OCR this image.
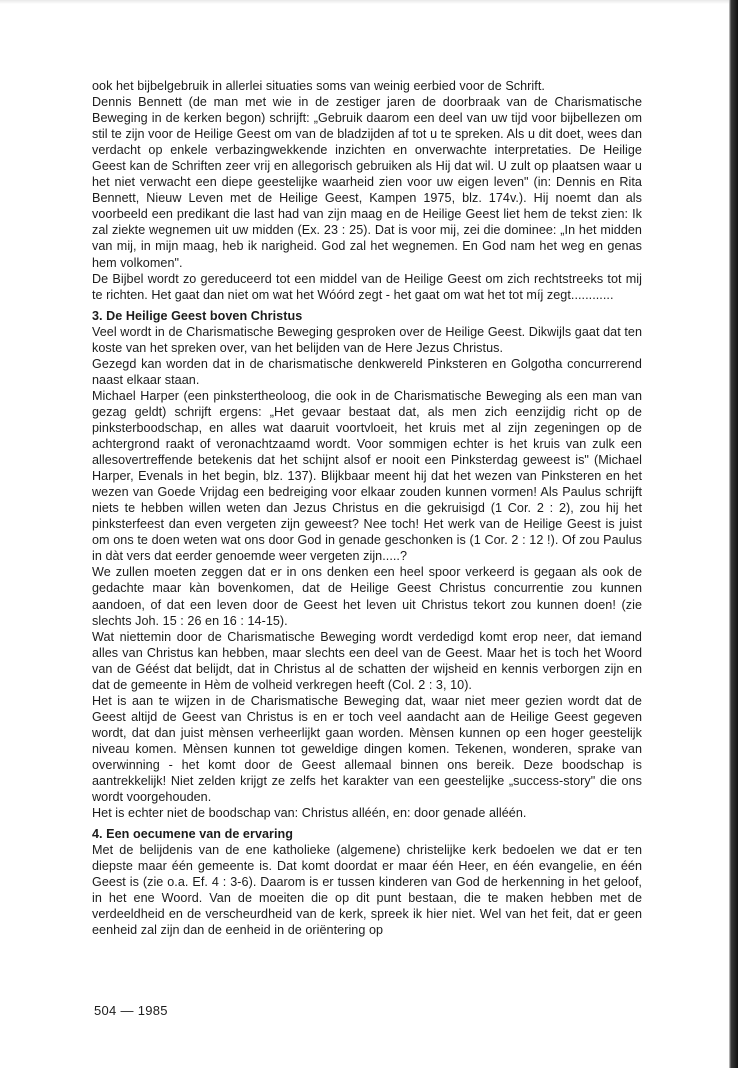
ook het bijbelgebruik in allerlei situaties soms van weinig eerbied voor de Schrift.

Dennis Bennett (de man met wie in de zestiger jaren de doorbraak van de Charismatische Beweging in de kerken begon) schrijft: „Gebruik daarom een deel van uw tijd voor bijbellezen om stil te zijn voor de Heilige Geest om van de bladzijden af tot u te spreken. Als u dit doet, wees dan verdacht op enkele verbazingwekkende inzichten en onverwachte interpretaties. De Heilige Geest kan de Schriften zeer vrij en allegorisch gebruiken als Hij dat wil. U zult op plaatsen waar u het niet verwacht een diepe geestelijke waarheid zien voor uw eigen leven" (in: Dennis en Rita Bennett, Nieuw Leven met de Heilige Geest, Kampen 1975, blz. 174v.). Hij noemt dan als voorbeeld een predikant die last had van zijn maag en de Heilige Geest liet hem de tekst zien: Ik zal ziekte wegnemen uit uw midden (Ex. 23 : 25). Dat is voor mij, zei die dominee: „In het midden van mij, in mijn maag, heb ik narigheid. God zal het wegnemen. En God nam het weg en genas hem volkomen".

De Bijbel wordt zo gereduceerd tot een middel van de Heilige Geest om zich rechtstreeks tot mij te richten. Het gaat dan niet om wat het Wóórd zegt - het gaat om wat het tot míj zegt............

3. De Heilige Geest boven Christus

Veel wordt in de Charismatische Beweging gesproken over de Heilige Geest. Dikwijls gaat dat ten koste van het spreken over, van het belijden van de Here Jezus Christus.

Gezegd kan worden dat in de charismatische denkwereld Pinksteren en Golgotha concurrerend naast elkaar staan.

Michael Harper (een pinkstertheoloog, die ook in de Charismatische Beweging als een man van gezag geldt) schrijft ergens: „Het gevaar bestaat dat, als men zich eenzijdig richt op de pinksterboodschap, en alles wat daaruit voortvloeit, het kruis met al zijn zegeningen op de achtergrond raakt of veronachtzaamd wordt. Voor sommigen echter is het kruis van zulk een allesovertreffende betekenis dat het schijnt alsof er nooit een Pinksterdag geweest is" (Michael Harper, Evenals in het begin, blz. 137). Blijkbaar meent hij dat het wezen van Pinksteren en het wezen van Goede Vrijdag een bedreiging voor elkaar zouden kunnen vormen! Als Paulus schrijft niets te hebben willen weten dan Jezus Christus en die gekruisigd (1 Cor. 2 : 2), zou hij het pinksterfeest dan even vergeten zijn geweest? Nee toch! Het werk van de Heilige Geest is juist om ons te doen weten wat ons door God in genade geschonken is (1 Cor. 2 : 12 !). Of zou Paulus in dàt vers dat eerder genoemde weer vergeten zijn.....?

We zullen moeten zeggen dat er in ons denken een heel spoor verkeerd is gegaan als ook de gedachte maar kàn bovenkomen, dat de Heilige Geest Christus concurrentie zou kunnen aandoen, of dat een leven door de Geest het leven uit Christus tekort zou kunnen doen! (zie slechts Joh. 15 : 26 en 16 : 14-15).

Wat niettemin door de Charismatische Beweging wordt verdedigd komt erop neer, dat iemand alles van Christus kan hebben, maar slechts een deel van de Geest. Maar het is toch het Woord van de Géést dat belijdt, dat in Christus al de schatten der wijsheid en kennis verborgen zijn en dat de gemeente in Hèm de volheid verkregen heeft (Col. 2 : 3, 10).

Het is aan te wijzen in de Charismatische Beweging dat, waar niet meer gezien wordt dat de Geest altijd de Geest van Christus is en er toch veel aandacht aan de Heilige Geest gegeven wordt, dat dan juist mènsen verheerlijkt gaan worden. Mènsen kunnen op een hoger geestelijk niveau komen. Mènsen kunnen tot geweldige dingen komen. Tekenen, wonderen, sprake van overwinning - het komt door de Geest allemaal binnen ons bereik. Deze boodschap is aantrekkelijk! Niet zelden krijgt ze zelfs het karakter van een geestelijke „success-story" die ons wordt voorgehouden.

Het is echter niet de boodschap van: Christus alléén, en: door genade alléén.

4. Een oecumene van de ervaring

Met de belijdenis van de ene katholieke (algemene) christelijke kerk bedoelen we dat er ten diepste maar één gemeente is. Dat komt doordat er maar één Heer, en één evangelie, en één Geest is (zie o.a. Ef. 4 : 3-6). Daarom is er tussen kinderen van God de herkenning in het geloof, in het ene Woord. Van de moeiten die op dit punt bestaan, die te maken hebben met de verdeeldheid en de verscheurdheid van de kerk, spreek ik hier niet. Wel van het feit, dat er geen eenheid zal zijn dan de eenheid in de oriëntering op

504 — 1985
